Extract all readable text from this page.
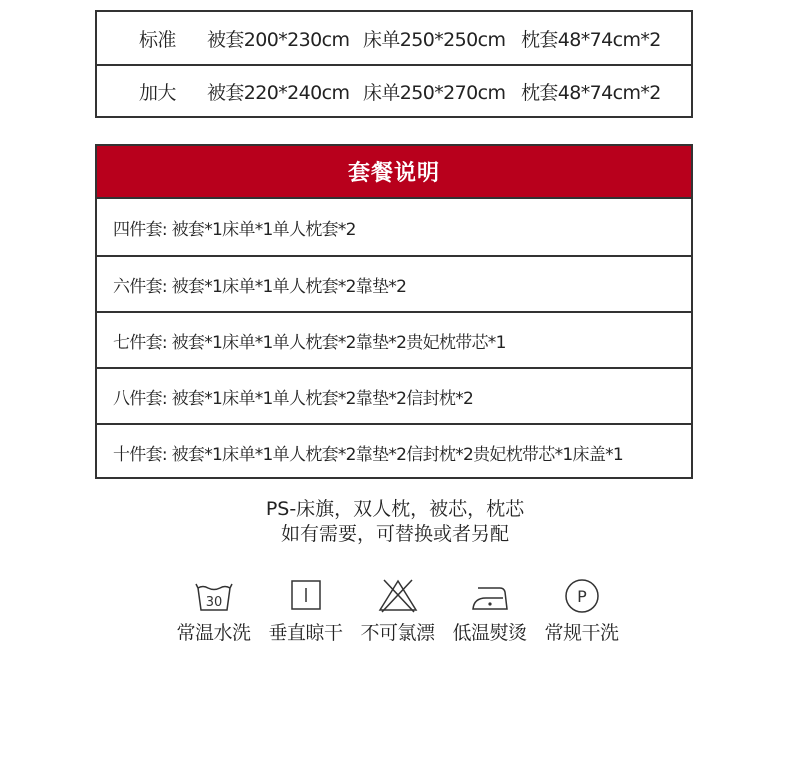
标准	被套200*230cm 床单250*250cm 枕套48*74cm*2
加大	被套220*240cm 床单250*270cm 枕套48*74cm*2
套餐说明
四件套: 被套*1床单*1单人枕套*2
六件套: 被套*1床单*1单人枕套*2靠垫*2
七件套: 被套*1床单*1单人枕套*2靠垫*2贵妃枕带芯*1
八件套: 被套*1床单*1单人枕套*2靠垫*2信封枕*2
十件套: 被套*1床单*1单人枕套*2靠垫*2信封枕*2贵妃枕带芯*1床盖*1
PS-床旗，双人枕，被芯，枕芯
如有需要，可替换或者另配
30
常温水洗 垂直晾干 不可氯漂 低温熨烫
P
常规干洗
